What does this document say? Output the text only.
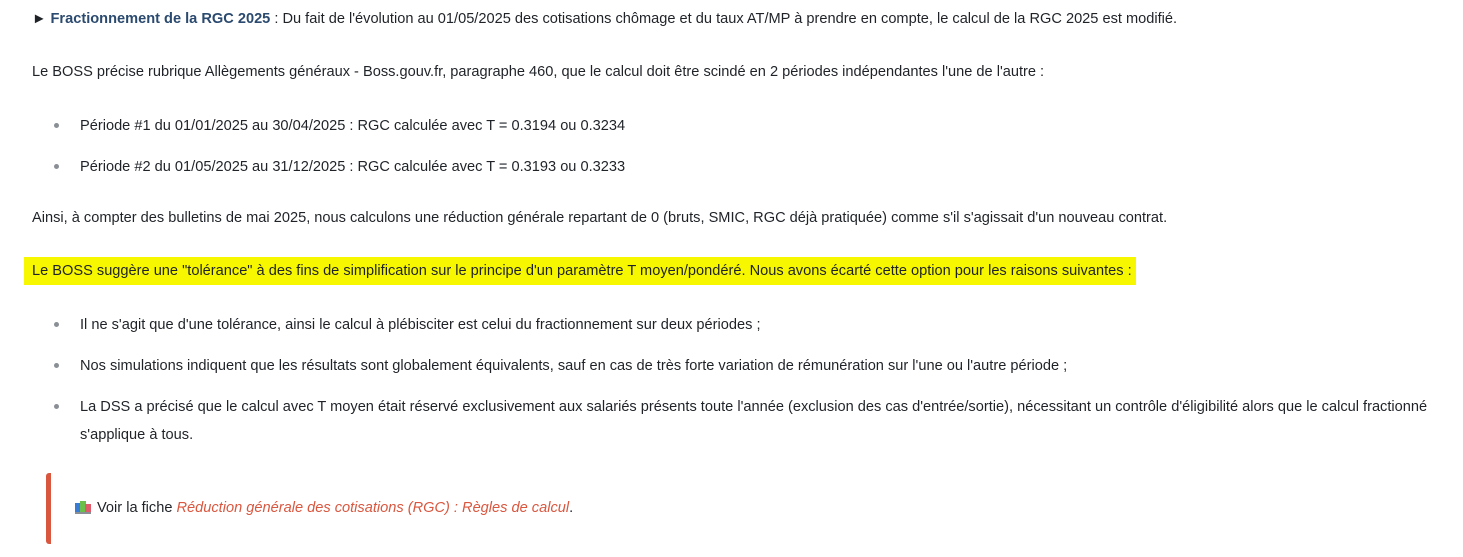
► Fractionnement de la RGC 2025 : Du fait de l'évolution au 01/05/2025 des cotisations chômage et du taux AT/MP à prendre en compte, le calcul de la RGC 2025 est modifié.
Le BOSS précise rubrique Allègements généraux - Boss.gouv.fr, paragraphe 460, que le calcul doit être scindé en 2 périodes indépendantes l'une de l'autre :
Période #1 du 01/01/2025 au 30/04/2025 : RGC calculée avec T = 0.3194 ou 0.3234
Période #2 du 01/05/2025 au 31/12/2025 : RGC calculée avec T = 0.3193 ou 0.3233
Ainsi, à compter des bulletins de mai 2025, nous calculons une réduction générale repartant de 0 (bruts, SMIC, RGC déjà pratiquée) comme s'il s'agissait d'un nouveau contrat.
Le BOSS suggère une "tolérance" à des fins de simplification sur le principe d'un paramètre T moyen/pondéré. Nous avons écarté cette option pour les raisons suivantes :
Il ne s'agit que d'une tolérance, ainsi le calcul à plébisciter est celui du fractionnement sur deux périodes ;
Nos simulations indiquent que les résultats sont globalement équivalents, sauf en cas de très forte variation de rémunération sur l'une ou l'autre période ;
La DSS a précisé que le calcul avec T moyen était réservé exclusivement aux salariés présents toute l'année (exclusion des cas d'entrée/sortie), nécessitant un contrôle d'éligibilité alors que le calcul fractionné s'applique à tous.
Voir la fiche Réduction générale des cotisations (RGC) : Règles de calcul.
